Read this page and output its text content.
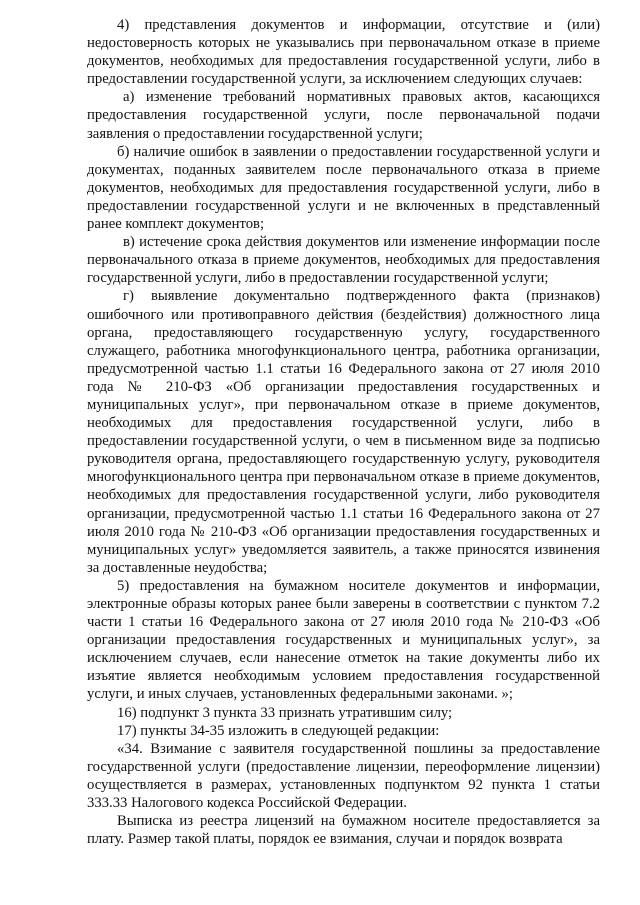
4) представления документов и информации, отсутствие и (или) недостоверность которых не указывались при первоначальном отказе в приеме документов, необходимых для предоставления государственной услуги, либо в предоставлении государственной услуги, за исключением следующих случаев:

а) изменение требований нормативных правовых актов, касающихся предоставления государственной услуги, после первоначальной подачи заявления о предоставлении государственной услуги;

б) наличие ошибок в заявлении о предоставлении государственной услуги и документах, поданных заявителем после первоначального отказа в приеме документов, необходимых для предоставления государственной услуги, либо в предоставлении государственной услуги и не включенных в представленный ранее комплект документов;

в) истечение срока действия документов или изменение информации после первоначального отказа в приеме документов, необходимых для предоставления государственной услуги, либо в предоставлении государственной услуги;

г) выявление документально подтвержденного факта (признаков) ошибочного или противоправного действия (бездействия) должностного лица органа, предоставляющего государственную услугу, государственного служащего, работника многофункционального центра, работника организации, предусмотренной частью 1.1 статьи 16 Федерального закона от 27 июля 2010 года № 210-ФЗ «Об организации предоставления государственных и муниципальных услуг», при первоначальном отказе в приеме документов, необходимых для предоставления государственной услуги, либо в предоставлении государственной услуги, о чем в письменном виде за подписью руководителя органа, предоставляющего государственную услугу, руководителя многофункционального центра при первоначальном отказе в приеме документов, необходимых для предоставления государственной услуги, либо руководителя организации, предусмотренной частью 1.1 статьи 16 Федерального закона от 27 июля 2010 года № 210-ФЗ «Об организации предоставления государственных и муниципальных услуг» уведомляется заявитель, а также приносятся извинения за доставленные неудобства;

5) предоставления на бумажном носителе документов и информации, электронные образы которых ранее были заверены в соответствии с пунктом 7.2 части 1 статьи 16 Федерального закона от 27 июля 2010 года № 210-ФЗ «Об организации предоставления государственных и муниципальных услуг», за исключением случаев, если нанесение отметок на такие документы либо их изъятие является необходимым условием предоставления государственной услуги, и иных случаев, установленных федеральными законами. »;

16) подпункт 3 пункта 33 признать утратившим силу;

17) пункты 34-35 изложить в следующей редакции:

«34. Взимание с заявителя государственной пошлины за предоставление государственной услуги (предоставление лицензии, переоформление лицензии) осуществляется в размерах, установленных подпунктом 92 пункта 1 статьи 333.33 Налогового кодекса Российской Федерации.

Выписка из реестра лицензий на бумажном носителе предоставляется за плату. Размер такой платы, порядок ее взимания, случаи и порядок возврата
